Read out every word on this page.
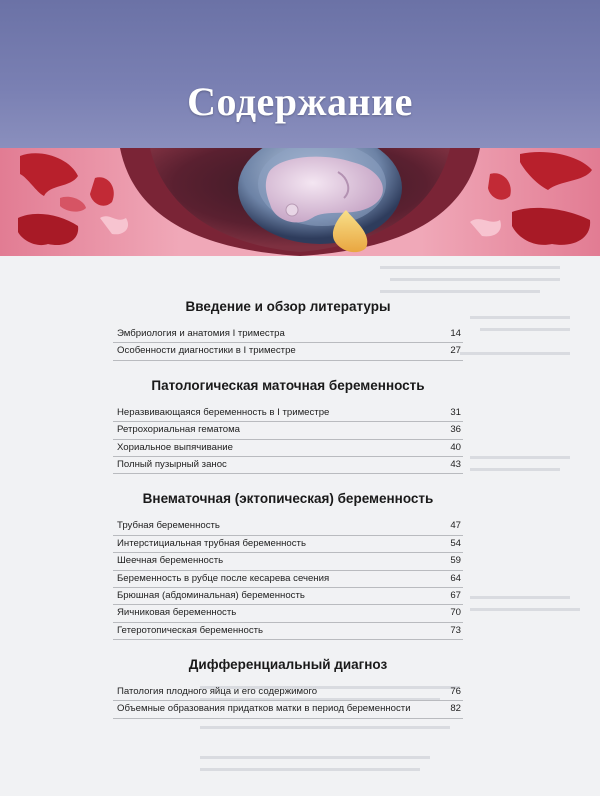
Содержание
Введение и обзор литературы
Эмбриология и анатомия I триместра	14
Особенности диагностики в I триместре	27
Патологическая маточная беременность
Неразвивающаяся беременность в I триместре	31
Ретрохориальная гематома	36
Хориальное выпячивание	40
Полный пузырный занос	43
Внематочная (эктопическая) беременность
Трубная беременность	47
Интерстициальная трубная беременность	54
Шеечная беременность	59
Беременность в рубце после кесарева сечения	64
Брюшная (абдоминальная) беременность	67
Яичниковая беременность	70
Гетеротопическая беременность	73
Дифференциальный диагноз
Патология плодного яйца и его содержимого	76
Объемные образования придатков матки в период беременности	82
